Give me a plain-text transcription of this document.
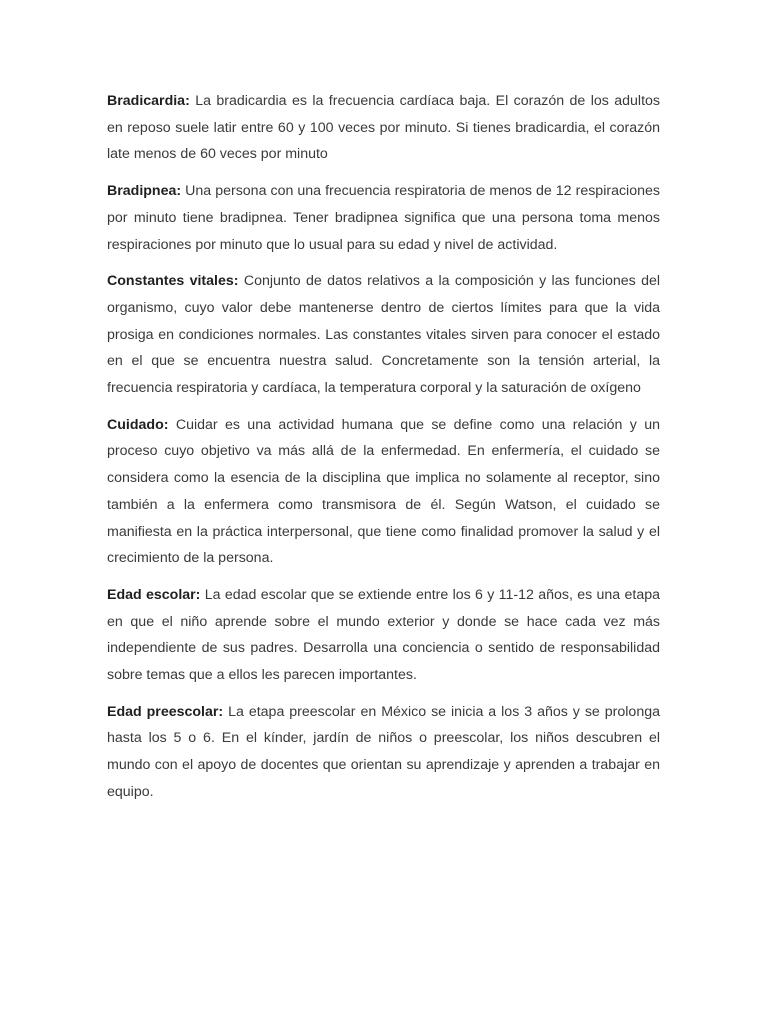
Bradicardia: La bradicardia es la frecuencia cardíaca baja. El corazón de los adultos en reposo suele latir entre 60 y 100 veces por minuto. Si tienes bradicardia, el corazón late menos de 60 veces por minuto

Bradipnea: Una persona con una frecuencia respiratoria de menos de 12 respiraciones por minuto tiene bradipnea. Tener bradipnea significa que una persona toma menos respiraciones por minuto que lo usual para su edad y nivel de actividad.

Constantes vitales: Conjunto de datos relativos a la composición y las funciones del organismo, cuyo valor debe mantenerse dentro de ciertos límites para que la vida prosiga en condiciones normales. Las constantes vitales sirven para conocer el estado en el que se encuentra nuestra salud. Concretamente son la tensión arterial, la frecuencia respiratoria y cardíaca, la temperatura corporal y la saturación de oxígeno

Cuidado: Cuidar es una actividad humana que se define como una relación y un proceso cuyo objetivo va más allá de la enfermedad. En enfermería, el cuidado se considera como la esencia de la disciplina que implica no solamente al receptor, sino también a la enfermera como transmisora de él. Según Watson, el cuidado se manifiesta en la práctica interpersonal, que tiene como finalidad promover la salud y el crecimiento de la persona.

Edad escolar: La edad escolar que se extiende entre los 6 y 11-12 años, es una etapa en que el niño aprende sobre el mundo exterior y donde se hace cada vez más independiente de sus padres. Desarrolla una conciencia o sentido de responsabilidad sobre temas que a ellos les parecen importantes.

Edad preescolar: La etapa preescolar en México se inicia a los 3 años y se prolonga hasta los 5 o 6. En el kínder, jardín de niños o preescolar, los niños descubren el mundo con el apoyo de docentes que orientan su aprendizaje y aprenden a trabajar en equipo.
